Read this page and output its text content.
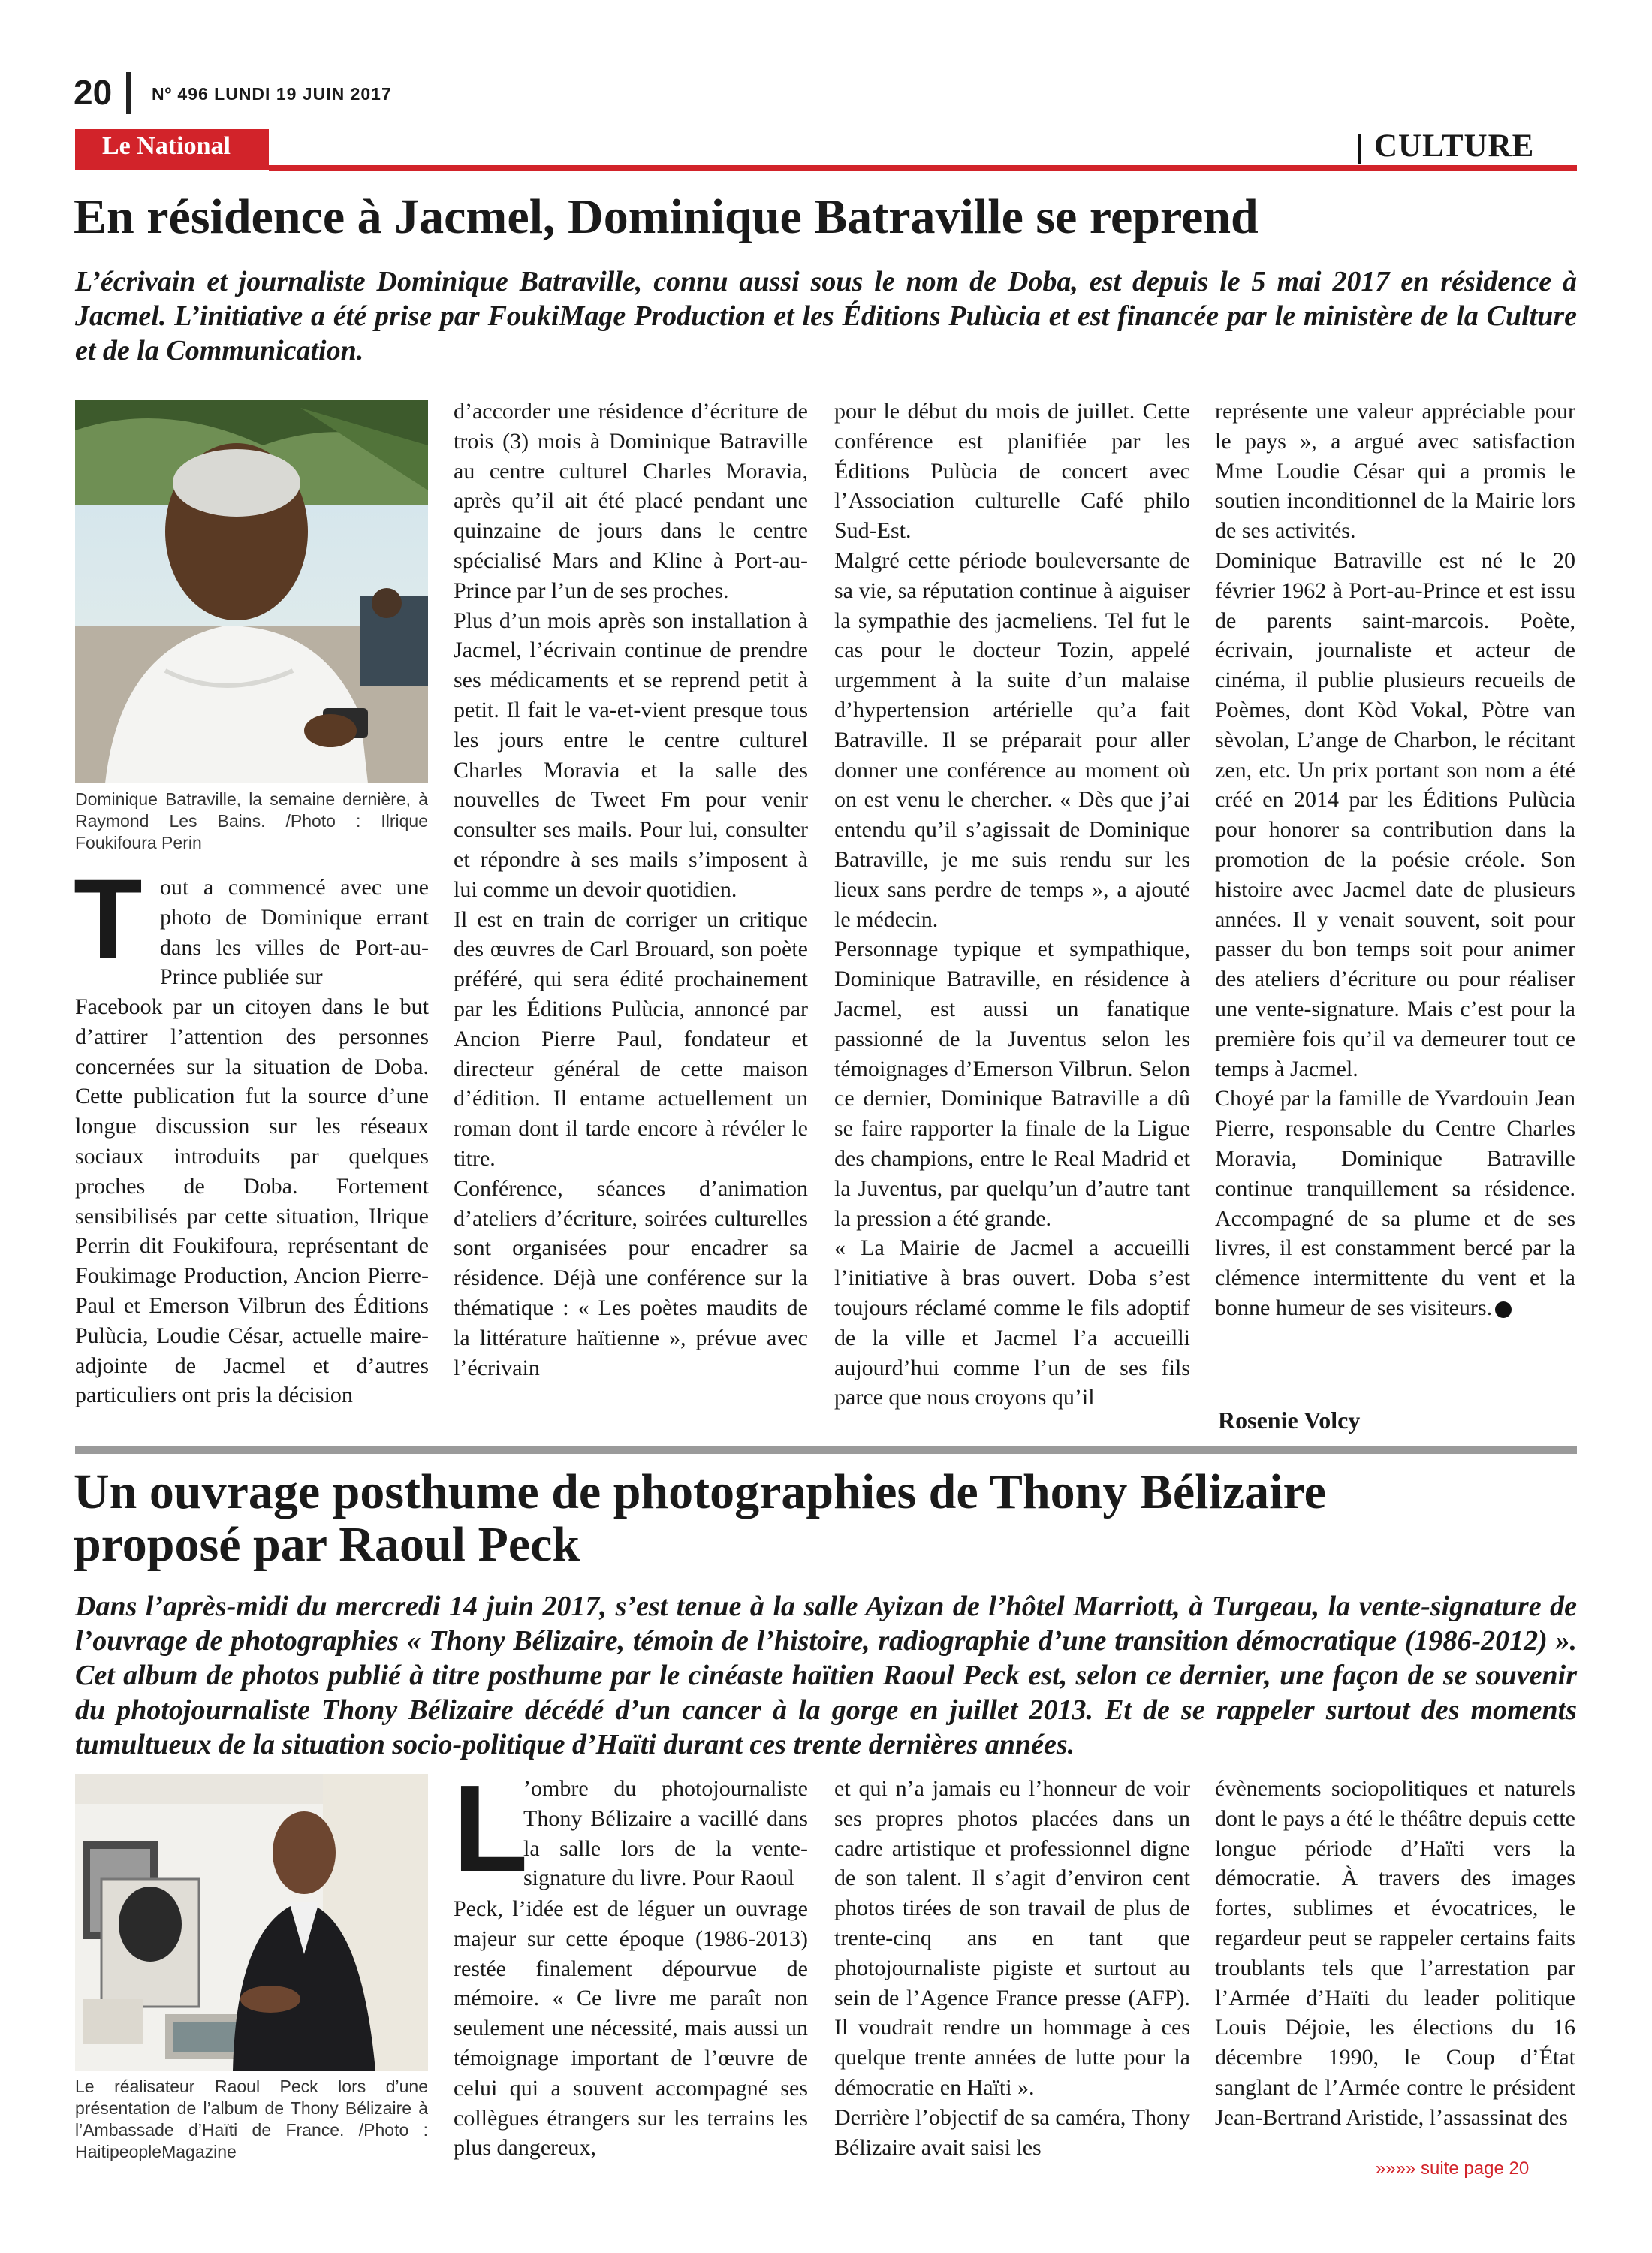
20 Nº 496 LUNDI 19 JUIN 2017
Le National	CULTURE
En résidence à Jacmel, Dominique Batraville se reprend
L’écrivain et journaliste Dominique Batraville, connu aussi sous le nom de Doba, est depuis le 5 mai 2017 en résidence à Jacmel. L’initiative a été prise par FoukiMage Production et les Éditions Pulùcia et est financée par le ministère de la Culture et de la Communication.
Dominique Batraville, la semaine dernière, à Raymond Les Bains. /Photo : Ilrique Foukifoura Perin
T out a commencé avec une photo de Dominique errant dans les villes de Port-au-Prince publiée sur
Facebook par un citoyen dans le but d’attirer l’attention des personnes concernées sur la situation de Doba. Cette publication fut la source d’une longue discussion sur les réseaux sociaux introduits par quelques proches de Doba. Fortement sensibilisés par cette situation, Ilrique Perrin dit Foukifoura, représentant de Foukimage Production, Ancion Pierre-Paul et Emerson Vilbrun des Éditions Pulùcia, Loudie César, actuelle maire-adjointe de Jacmel et d’autres particuliers ont pris la décision

d’accorder une résidence d’écriture de trois (3) mois à Dominique Batraville au centre culturel Charles Moravia, après qu’il ait été placé pendant une quinzaine de jours dans le centre spécialisé Mars and Kline à Port-au-Prince par l’un de ses proches.

Plus d’un mois après son installation à Jacmel, l’écrivain continue de prendre ses médicaments et se reprend petit à petit. Il fait le va-et-vient presque tous les jours entre le centre culturel Charles Moravia et la salle des nouvelles de Tweet Fm pour venir consulter ses mails. Pour lui, consulter et répondre à ses mails s’imposent à lui comme un devoir quotidien.

Il est en train de corriger un critique des œuvres de Carl Brouard, son poète préféré, qui sera édité prochainement par les Éditions Pulùcia, annoncé par Ancion Pierre Paul, fondateur et directeur général de cette maison d’édition. Il entame actuellement un roman dont il tarde encore à révéler le titre.

Conférence, séances d’animation d’ateliers d’écriture, soirées culturelles sont organisées pour encadrer sa résidence. Déjà une conférence sur la thématique : « Les poètes maudits de la littérature haïtienne », prévue avec l’écrivain

pour le début du mois de juillet. Cette conférence est planifiée par les Éditions Pulùcia de concert avec l’Association culturelle Café philo Sud-Est.

Malgré cette période bouleversante de sa vie, sa réputation continue à aiguiser la sympathie des jacmeliens. Tel fut le cas pour le docteur Tozin, appelé urgemment à la suite d’un malaise d’hypertension artérielle qu’a fait Batraville. Il se préparait pour aller donner une conférence au moment où on est venu le chercher. « Dès que j’ai entendu qu’il s’agissait de Dominique Batraville, je me suis rendu sur les lieux sans perdre de temps », a ajouté le médecin.

Personnage typique et sympathique, Dominique Batraville, en résidence à Jacmel, est aussi un fanatique passionné de la Juventus selon les témoignages d’Emerson Vilbrun. Selon ce dernier, Dominique Batraville a dû se faire rapporter la finale de la Ligue des champions, entre le Real Madrid et la Juventus, par quelqu’un d’autre tant la pression a été grande.

« La Mairie de Jacmel a accueilli l’initiative à bras ouvert. Doba s’est toujours réclamé comme le fils adoptif de la ville et Jacmel l’a accueilli aujourd’hui comme l’un de ses fils parce que nous croyons qu’il

représente une valeur appréciable pour le pays », a argué avec satisfaction Mme Loudie César qui a promis le soutien inconditionnel de la Mairie lors de ses activités.

Dominique Batraville est né le 20 février 1962 à Port-au-Prince et est issu de parents saint-marcois. Poète, écrivain, journaliste et acteur de cinéma, il publie plusieurs recueils de Poèmes, dont Kòd Vokal, Pòtre van sèvolan, L’ange de Charbon, le récitant zen, etc. Un prix portant son nom a été créé en 2014 par les Éditions Pulùcia pour honorer sa contribution dans la promotion de la poésie créole. Son histoire avec Jacmel date de plusieurs années. Il y venait souvent, soit pour passer du bon temps soit pour animer des ateliers d’écriture ou pour réaliser une vente-signature. Mais c’est pour la première fois qu’il va demeurer tout ce temps à Jacmel.

Choyé par la famille de Yvardouin Jean Pierre, responsable du Centre Charles Moravia, Dominique Batraville continue tranquillement sa résidence. Accompagné de sa plume et de ses livres, il est constamment bercé par la clémence intermittente du vent et la bonne humeur de ses visiteurs.

Rosenie Volcy
Un ouvrage posthume de photographies de Thony Bélizaire
proposé par Raoul Peck
Dans l’après-midi du mercredi 14 juin 2017, s’est tenue à la salle Ayizan de l’hôtel Marriott, à Turgeau, la vente-signature de l’ouvrage de photographies « Thony Bélizaire, témoin de l’histoire, radiographie d’une transition démocratique (1986-2012) ». Cet album de photos publié à titre posthume par le cinéaste haïtien Raoul Peck est, selon ce dernier, une façon de se souvenir du photojournaliste Thony Bélizaire décédé d’un cancer à la gorge en juillet 2013. Et de se rappeler surtout des moments tumultueux de la situation socio-politique d’Haïti durant ces trente dernières années.
Le réalisateur Raoul Peck lors d’une présentation de l’album de Thony Bélizaire à l’Ambassade d’Haïti de France. /Photo : HaitipeopleMagazine
L
’ombre du photojournaliste Thony Bélizaire a vacillé dans la salle lors de la vente-signature du livre. Pour Raoul
Peck, l’idée est de léguer un ouvrage majeur sur cette époque (1986-2013) restée finalement dépourvue de mémoire. « Ce livre me paraît non seulement une nécessité, mais aussi un témoignage important de l’œuvre de celui qui a souvent accompagné ses collègues étrangers sur les terrains les plus dangereux,

et qui n’a jamais eu l’honneur de voir ses propres photos placées dans un cadre artistique et professionnel digne de son talent. Il s’agit d’environ cent photos tirées de son travail de plus de trente-cinq ans en tant que photojournaliste pigiste et surtout au sein de l’Agence France presse (AFP). Il voudrait rendre un hommage à ces quelque trente années de lutte pour la démocratie en Haïti ».

Derrière l’objectif de sa caméra, Thony Bélizaire avait saisi les

évènements sociopolitiques et naturels dont le pays a été le théâtre depuis cette longue période d’Haïti vers la démocratie. À travers des images fortes, sublimes et évocatrices, le regardeur peut se rappeler certains faits troublants tels que l’arrestation par l’Armée d’Haïti du leader politique Louis Déjoie, les élections du 16 décembre 1990, le Coup d’État sanglant de l’Armée contre le président Jean-Bertrand Aristide, l’assassinat des
»»»» suite page 20
